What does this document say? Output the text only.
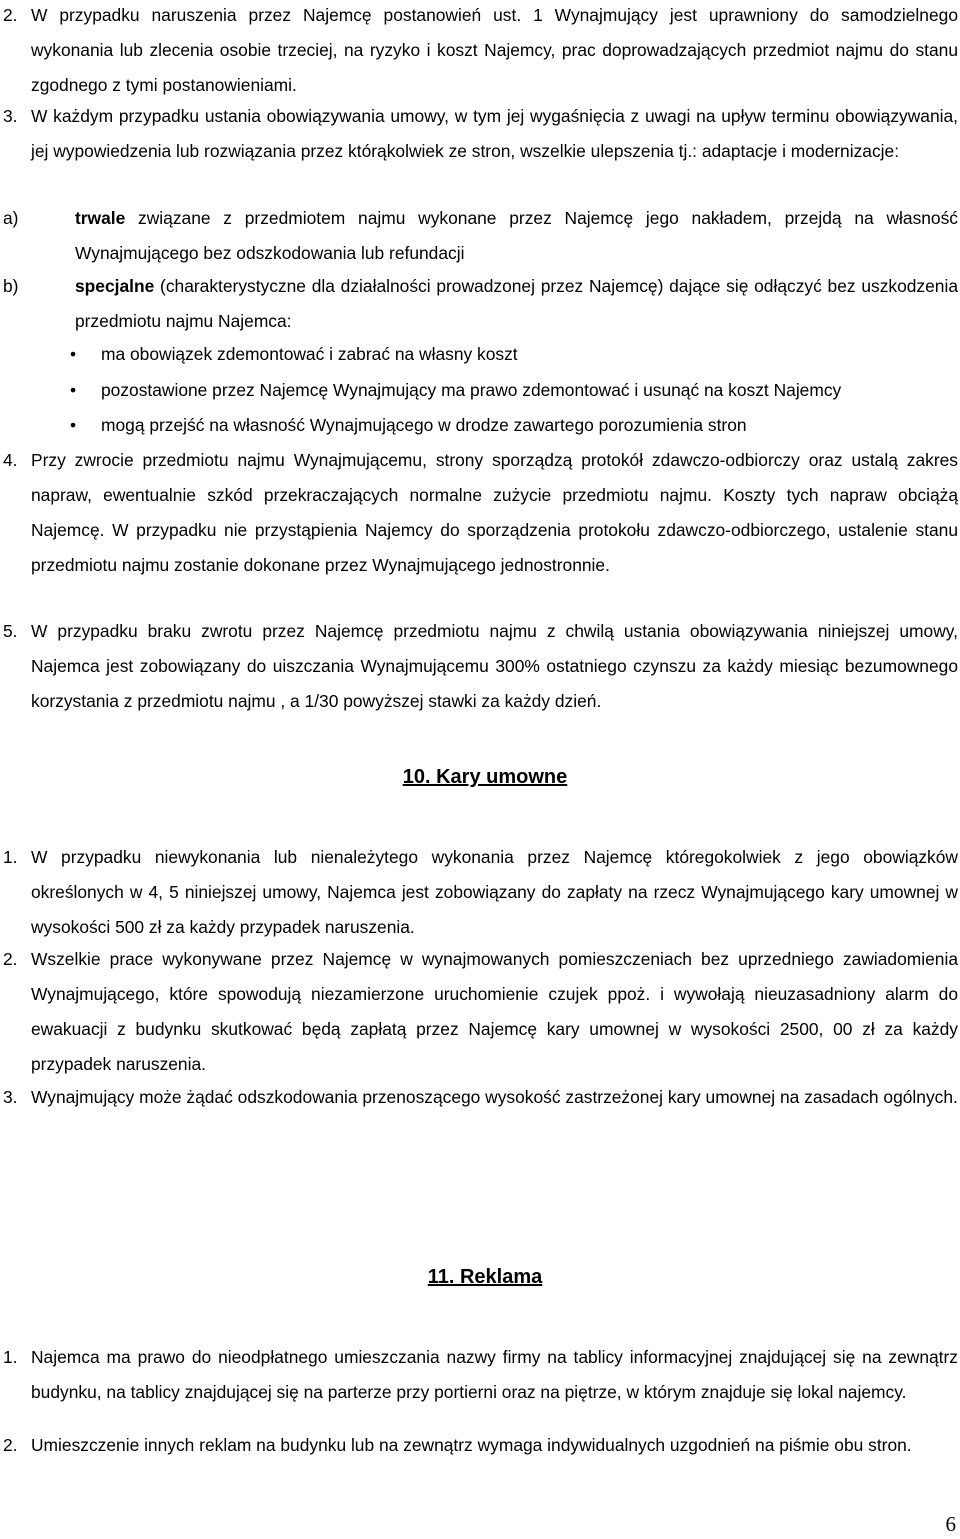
2. W przypadku naruszenia przez Najemcę postanowień ust. 1 Wynajmujący jest uprawniony do samodzielnego wykonania lub zlecenia osobie trzeciej, na ryzyko i koszt Najemcy, prac doprowadzających przedmiot najmu do stanu zgodnego z tymi postanowieniami.
3. W każdym przypadku ustania obowiązywania umowy, w tym jej wygaśnięcia z uwagi na upływ terminu obowiązywania, jej wypowiedzenia lub rozwiązania przez którąkolwiek ze stron, wszelkie ulepszenia tj.: adaptacje i modernizacje:
a)	trwale związane z przedmiotem najmu wykonane przez Najemcę jego nakładem, przejdą na własność Wynajmującego bez odszkodowania lub refundacji
b)	specjalne (charakterystyczne dla działalności prowadzonej przez Najemcę) dające się odłączyć bez uszkodzenia przedmiotu najmu Najemca:
• ma obowiązek zdemontować i zabrać na własny koszt
• pozostawione przez Najemcę Wynajmujący ma prawo zdemontować i usunąć na koszt Najemcy
• mogą przejść na własność Wynajmującego w drodze zawartego porozumienia stron
4. Przy zwrocie przedmiotu najmu Wynajmującemu, strony sporządzą protokół zdawczo-odbiorczy oraz ustalą zakres napraw, ewentualnie szkód przekraczających normalne zużycie przedmiotu najmu. Koszty tych napraw obciążą Najemcę. W przypadku nie przystąpienia Najemcy do sporządzenia protokołu zdawczo-odbiorczego, ustalenie stanu przedmiotu najmu zostanie dokonane przez Wynajmującego jednostronnie.
5. W przypadku braku zwrotu przez Najemcę przedmiotu najmu z chwilą ustania obowiązywania niniejszej umowy, Najemca jest zobowiązany do uiszczania Wynajmującemu 300% ostatniego czynszu za każdy miesiąc bezumownego korzystania z przedmiotu najmu , a 1/30 powyższej stawki za każdy dzień.
10. Kary umowne
1. W przypadku niewykonania lub nienależytego wykonania przez Najemcę któregokolwiek z jego obowiązków określonych w 4, 5 niniejszej umowy, Najemca jest zobowiązany do zapłaty na rzecz Wynajmującego kary umownej w wysokości 500 zł za każdy przypadek naruszenia.
2. Wszelkie prace wykonywane przez Najemcę w wynajmowanych pomieszczeniach bez uprzedniego zawiadomienia Wynajmującego, które spowodują niezamierzone uruchomienie czujek ppoż. i wywołają nieuzasadniony alarm do ewakuacji z budynku skutkować będą zapłatą przez Najemcę kary umownej w wysokości 2500, 00 zł za każdy przypadek naruszenia.
3. Wynajmujący może żądać odszkodowania przenoszącego wysokość zastrzeżonej kary umownej na zasadach ogólnych.
11. Reklama
1. Najemca ma prawo do nieodpłatnego umieszczania nazwy firmy na tablicy informacyjnej znajdującej się na zewnątrz budynku, na tablicy znajdującej się na parterze przy portierni oraz na piętrze, w którym znajduje się lokal najemcy.
2. Umieszczenie innych reklam na budynku lub na zewnątrz wymaga indywidualnych uzgodnień na piśmie obu stron.
6
